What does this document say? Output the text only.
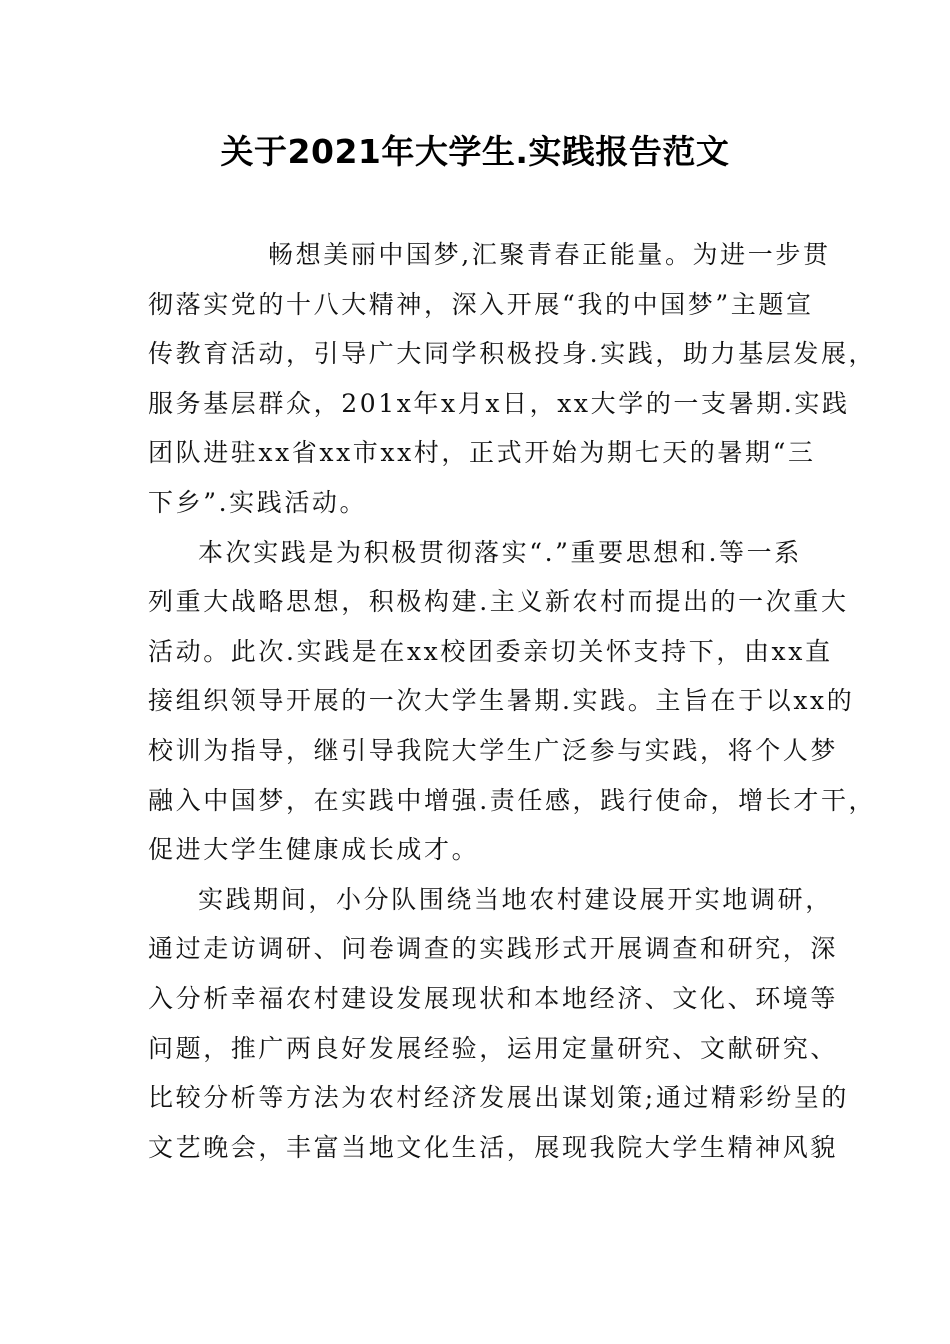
关于2021年大学生.实践报告范文
畅想美丽中国梦,汇聚青春正能量。为进一步贯
彻落实党的十八大精神，深入开展“我的中国梦”主题宣
传教育活动，引导广大同学积极投身.实践，助力基层发展，
服务基层群众，201x年x月x日，xx大学的一支暑期.实践
团队进驻xx省xx市xx村，正式开始为期七天的暑期“三
下乡”.实践活动。
本次实践是为积极贯彻落实“.”重要思想和.等一系
列重大战略思想，积极构建.主义新农村而提出的一次重大
活动。此次.实践是在xx校团委亲切关怀支持下，由xx直
接组织领导开展的一次大学生暑期.实践。主旨在于以xx的
校训为指导，继引导我院大学生广泛参与实践，将个人梦
融入中国梦，在实践中增强.责任感，践行使命，增长才干，
促进大学生健康成长成才。
实践期间，小分队围绕当地农村建设展开实地调研，
通过走访调研、问卷调查的实践形式开展调查和研究，深
入分析幸福农村建设发展现状和本地经济、文化、环境等
问题，推广两良好发展经验，运用定量研究、文献研究、
比较分析等方法为农村经济发展出谋划策;通过精彩纷呈的
文艺晚会，丰富当地文化生活，展现我院大学生精神风貌
